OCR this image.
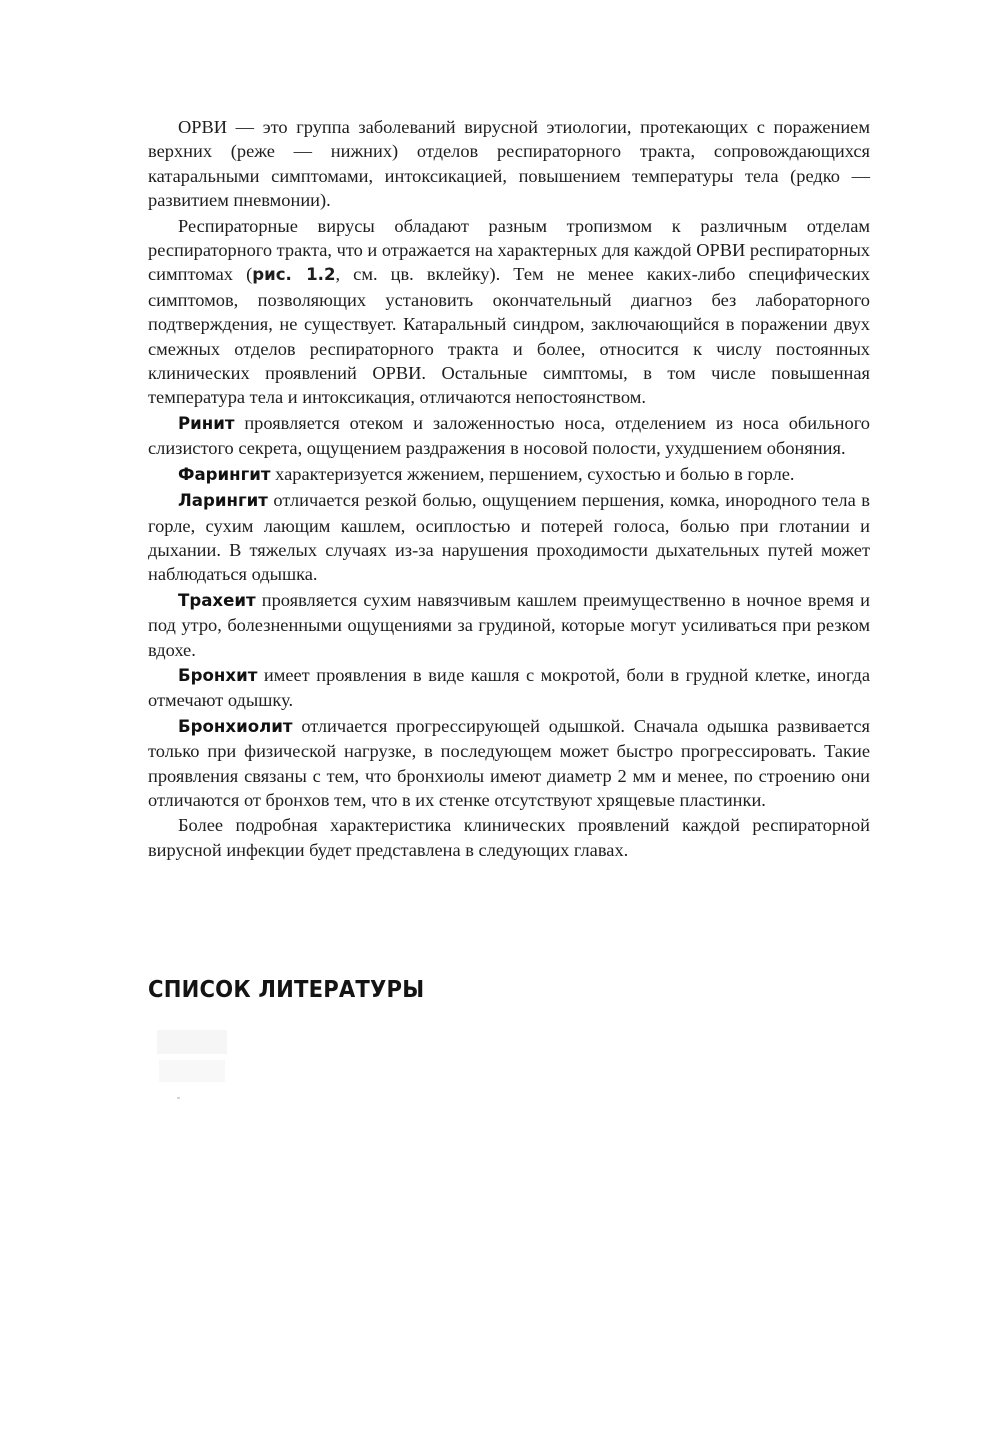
ОРВИ — это группа заболеваний вирусной этиологии, протекающих с поражением верхних (реже — нижних) отделов респираторного тракта, сопровождающихся катаральными симптомами, интоксикацией, повышением температуры тела (редко — развитием пневмонии).

Респираторные вирусы обладают разным тропизмом к различным отделам респираторного тракта, что и отражается на характерных для каждой ОРВИ респираторных симптомах (рис. 1.2, см. цв. вклейку). Тем не менее каких-либо специфических симптомов, позволяющих установить окончательный диагноз без лабораторного подтверждения, не существует. Катаральный синдром, заключающийся в поражении двух смежных отделов респираторного тракта и более, относится к числу постоянных клинических проявлений ОРВИ. Остальные симптомы, в том числе повышенная температура тела и интоксикация, отличаются непостоянством.

Ринит проявляется отеком и заложенностью носа, отделением из носа обильного слизистого секрета, ощущением раздражения в носовой полости, ухудшением обоняния.

Фарингит характеризуется жжением, першением, сухостью и болью в горле.

Ларингит отличается резкой болью, ощущением першения, комка, инородного тела в горле, сухим лающим кашлем, осиплостью и потерей голоса, болью при глотании и дыхании. В тяжелых случаях из-за нарушения проходимости дыхательных путей может наблюдаться одышка.

Трахеит проявляется сухим навязчивым кашлем преимущественно в ночное время и под утро, болезненными ощущениями за грудиной, которые могут усиливаться при резком вдохе.

Бронхит имеет проявления в виде кашля с мокротой, боли в грудной клетке, иногда отмечают одышку.

Бронхиолит отличается прогрессирующей одышкой. Сначала одышка развивается только при физической нагрузке, в последующем может быстро прогрессировать. Такие проявления связаны с тем, что бронхиолы имеют диаметр 2 мм и менее, по строению они отличаются от бронхов тем, что в их стенке отсутствуют хрящевые пластинки.

Более подробная характеристика клинических проявлений каждой респираторной вирусной инфекции будет представлена в следующих главах.

СПИСОК ЛИТЕРАТУРЫ
